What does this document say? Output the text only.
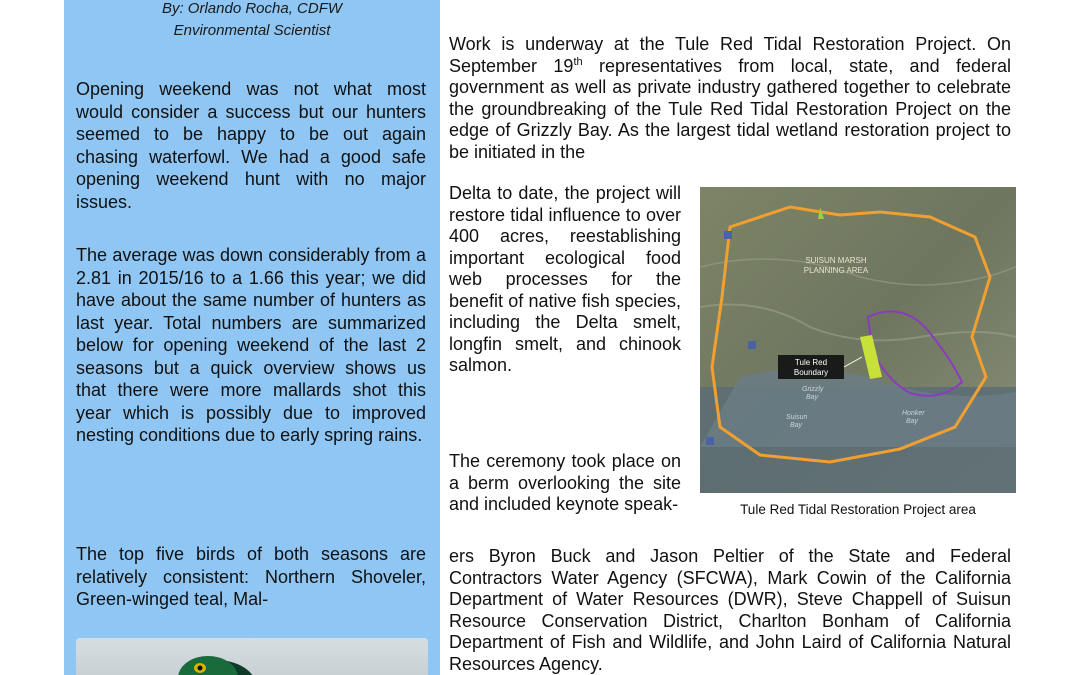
By: Orlando Rocha, CDFW
Environmental Scientist

Opening weekend was not what most would consider a success but our hunters seemed to be happy to be out again chasing waterfowl. We had a good safe opening weekend hunt with no major issues.

The average was down considerably from a 2.81 in 2015/16 to a 1.66 this year; we did have about the same number of hunters as last year. Total numbers are summarized below for opening weekend of the last 2 seasons but a quick overview shows us that there were more mallards shot this year which is possibly due to improved nesting conditions due to early spring rains.

The top five birds of both seasons are relatively consistent: Northern Shoveler, Green-winged teal, Mal-

Work is underway at the Tule Red Tidal Restoration Project. On September 19th representatives from local, state, and federal government as well as private industry gathered together to celebrate the groundbreaking of the Tule Red Tidal Restoration Project on the edge of Grizzly Bay. As the largest tidal wetland restoration project to be initiated in the

Delta to date, the project will restore tidal influence to over 400 acres, reestablishing important ecological food web processes for the benefit of native fish species, including the Delta smelt, longfin smelt, and chinook salmon.

The ceremony took place on a berm overlooking the site and included keynote speak-

ers Byron Buck and Jason Peltier of the State and Federal Contractors Water Agency (SFCWA), Mark Cowin of the California Department of Water Resources (DWR), Steve Chappell of Suisun Resource Conservation District, Charlton Bonham of California Department of Fish and Wildlife, and John Laird of California Natural Resources Agency.

Tule Red
Boundary
SUISUN MARSH
PLANNING AREA
Grizzly
Bay
Suisun
Bay
Honker
Bay
Tule Red Tidal Restoration Project area
